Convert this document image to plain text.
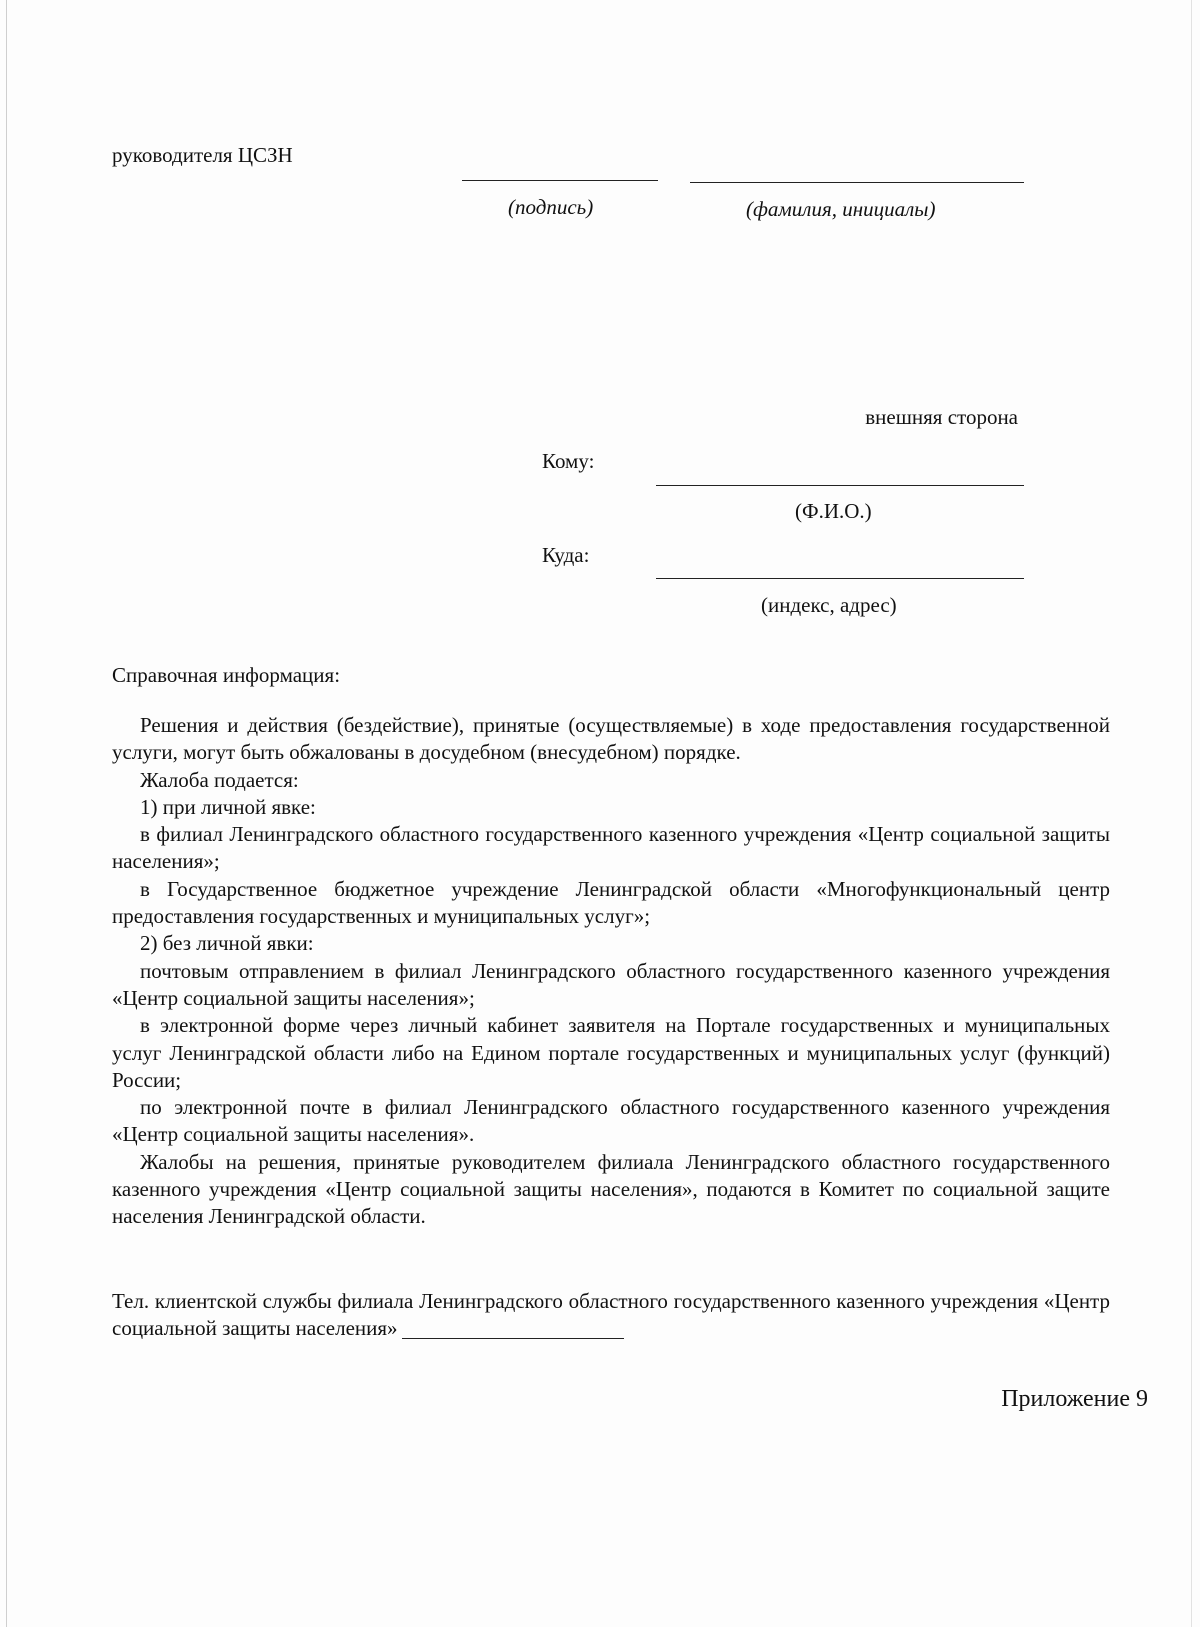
руководителя ЦСЗН
(подпись)	(фамилия, инициалы)
внешняя сторона
Кому:
(Ф.И.О.)
Куда:
(индекс, адрес)
Справочная информация:

Решения и действия (бездействие), принятые (осуществляемые) в ходе предоставления государственной услуги, могут быть обжалованы в досудебном (внесудебном) порядке.

Жалоба подается:

1) при личной явке:

в филиал Ленинградского областного государственного казенного учреждения «Центр социальной защиты населения»;

в Государственное бюджетное учреждение Ленинградской области «Многофункциональный центр предоставления государственных и муниципальных услуг»;

2) без личной явки:

почтовым отправлением в филиал Ленинградского областного государственного казенного учреждения «Центр социальной защиты населения»;

в электронной форме через личный кабинет заявителя на Портале государственных и муниципальных услуг Ленинградской области либо на Едином портале государственных и муниципальных услуг (функций) России;

по электронной почте в филиал Ленинградского областного государственного казенного учреждения «Центр социальной защиты населения».

Жалобы на решения, принятые руководителем филиала Ленинградского областного государственного казенного учреждения «Центр социальной защиты населения», подаются в Комитет по социальной защите населения Ленинградской области.

Тел. клиентской службы филиала Ленинградского областного государственного казенного учреждения «Центр социальной защиты населения»

Приложение 9
